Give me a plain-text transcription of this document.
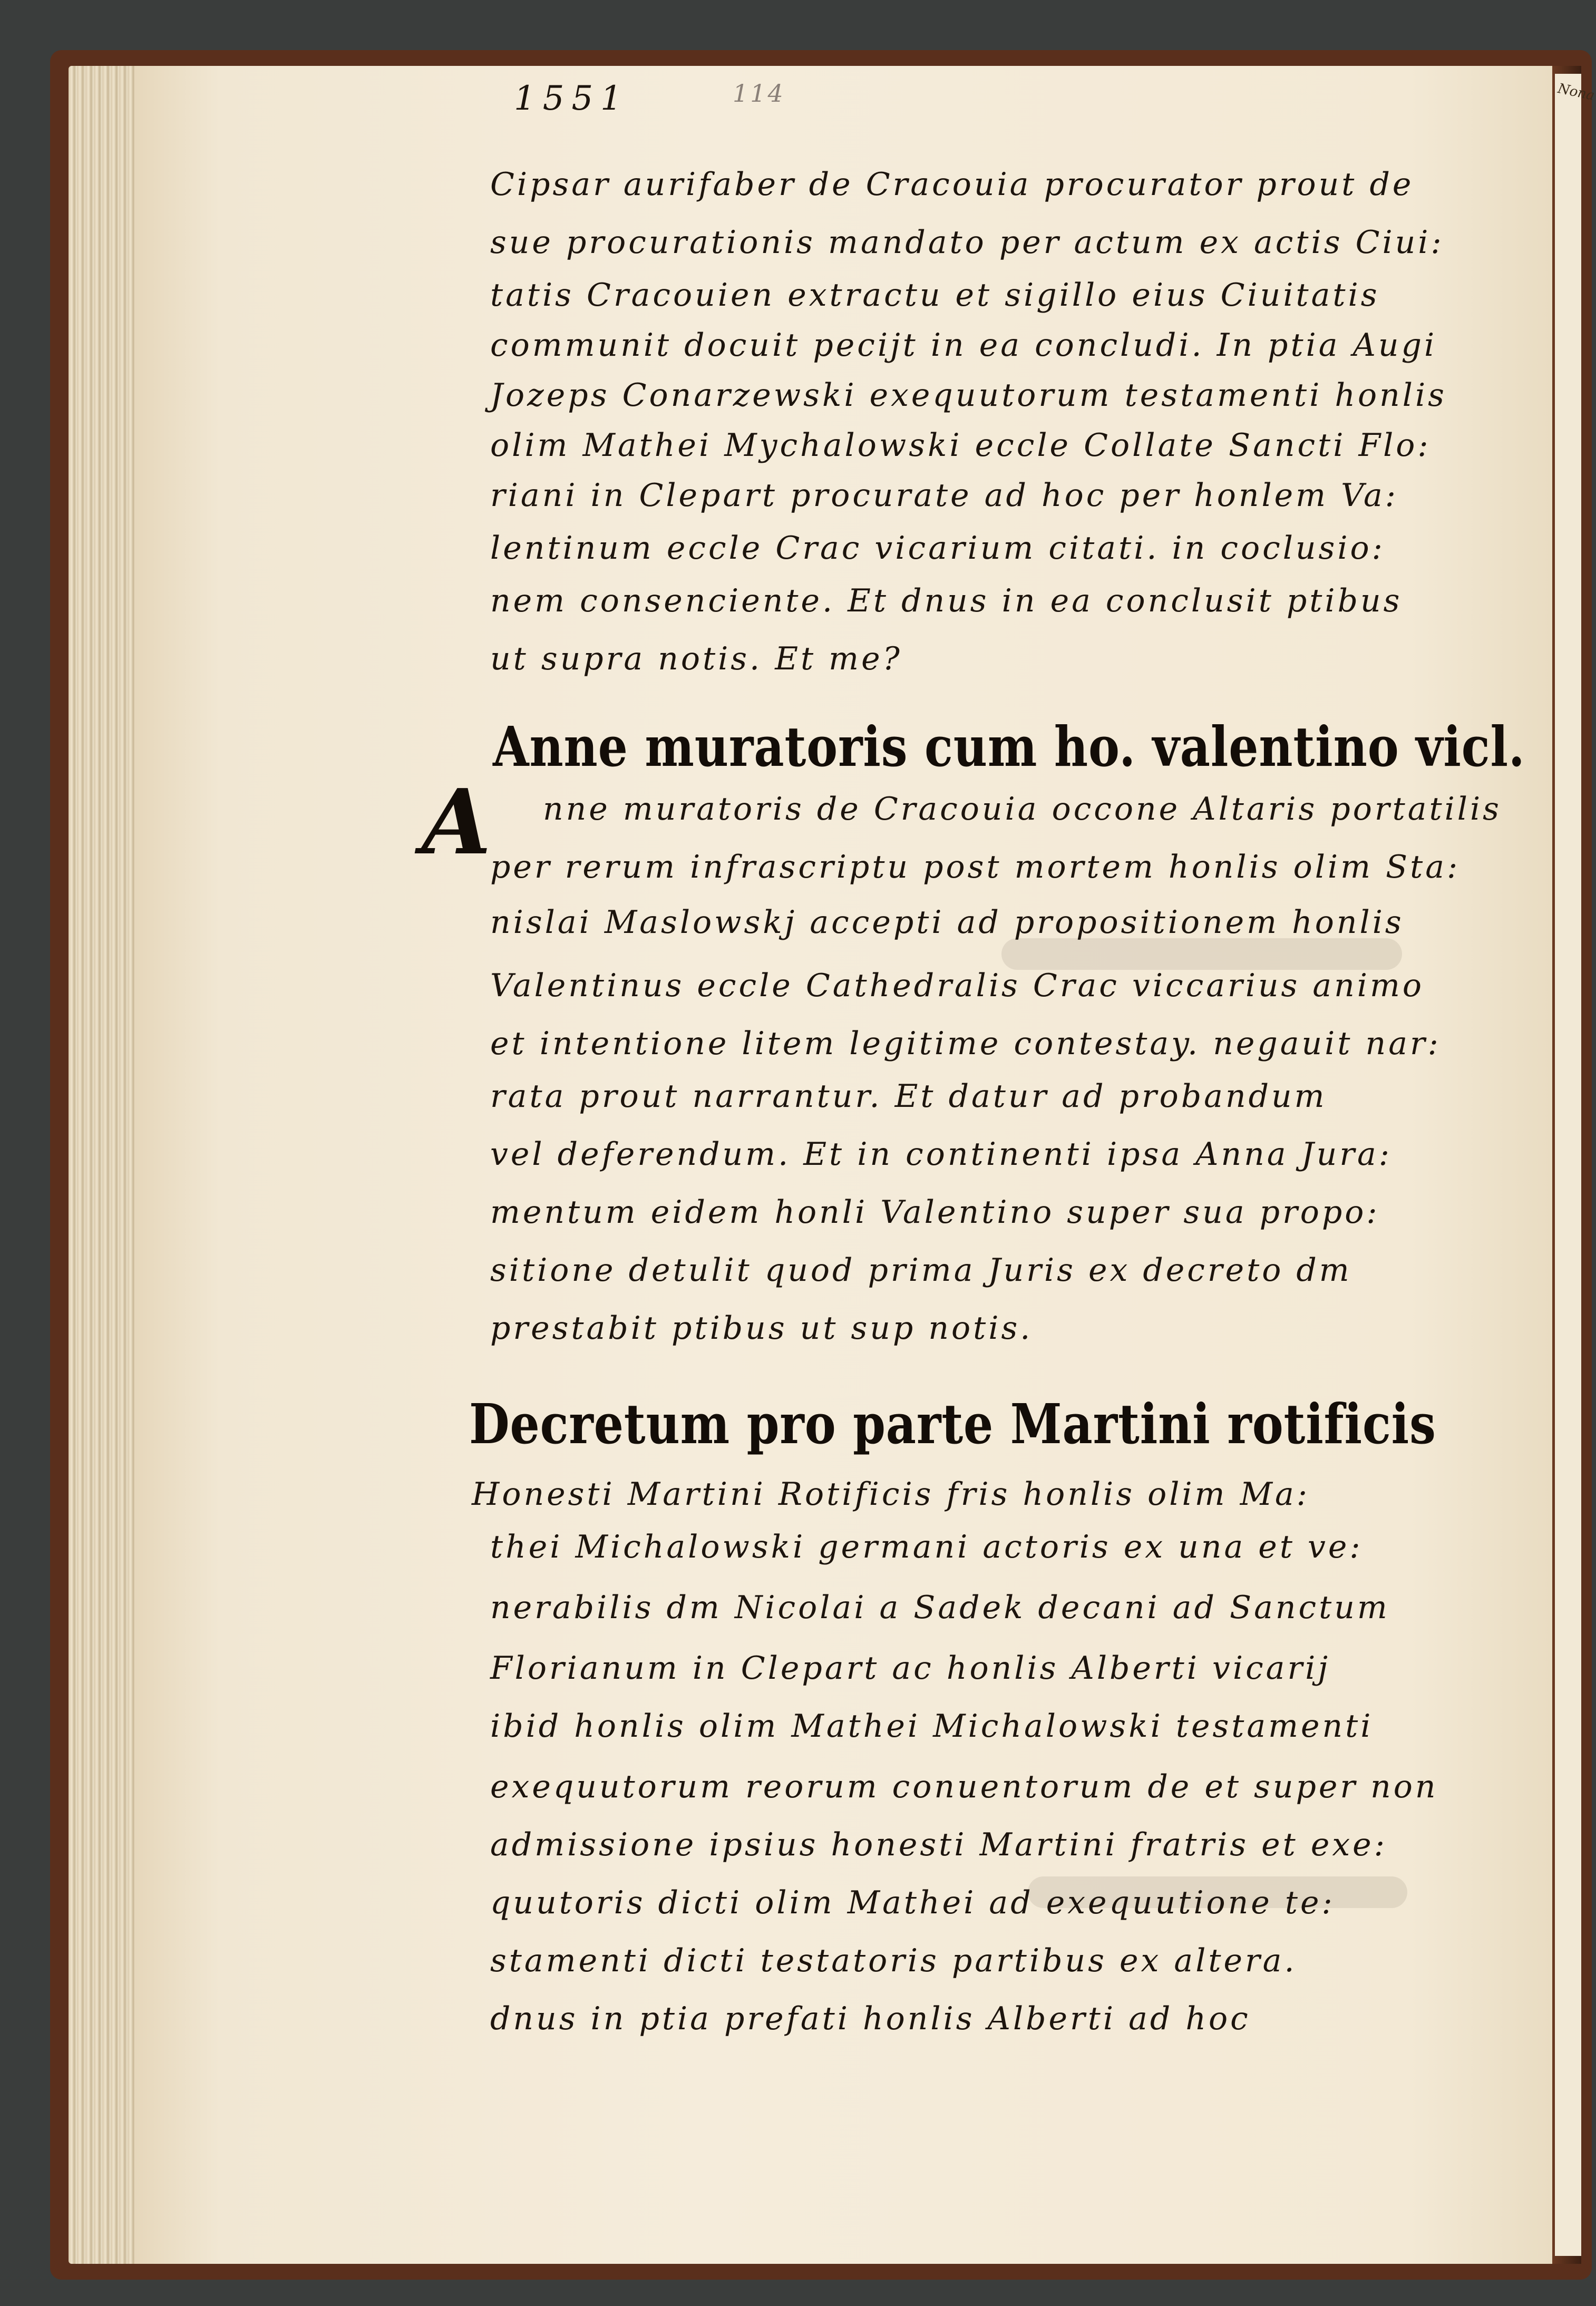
Nona
1551	114
Cipsar aurifaber de Cracouia procurator prout de
sue procurationis mandato per actum ex actis Ciui:
tatis Cracouien extractu et sigillo eius Ciuitatis
communit docuit pecijt in ea concludi. In ptia Augi
Jozeps Conarzewski exequutorum testamenti honlis
olim Mathei Mychalowski eccle Collate Sancti Flo:
riani in Clepart procurate ad hoc per honlem Va:
lentinum eccle Crac vicarium citati. in coclusio:
nem consenciente. Et dnus in ea conclusit ptibus
ut supra notis. Et me?
Anne muratoris cum ho. valentino vicl.
A nne muratoris de Cracouia occone Altaris portatilis
per rerum infrascriptu post mortem honlis olim Sta:
nislai Maslowskj accepti ad propositionem honlis
Valentinus eccle Cathedralis Crac viccarius animo
et intentione litem legitime contestay. negauit nar:
rata prout narrantur. Et datur ad probandum
vel deferendum. Et in continenti ipsa Anna Jura:
mentum eidem honli Valentino super sua propo:
sitione detulit quod prima Juris ex decreto dm
prestabit ptibus ut sup notis.
Decretum pro parte Martini rotificis
Honesti Martini Rotificis fris honlis olim Ma:
thei Michalowski germani actoris ex una et ve:
nerabilis dm Nicolai a Sadek decani ad Sanctum
Florianum in Clepart ac honlis Alberti vicarij
ibid honlis olim Mathei Michalowski testamenti
exequutorum reorum conuentorum de et super non
admissione ipsius honesti Martini fratris et exe:
quutoris dicti olim Mathei ad exequutione te:
stamenti dicti testatoris partibus ex altera.
dnus in ptia prefati honlis Alberti ad hoc
